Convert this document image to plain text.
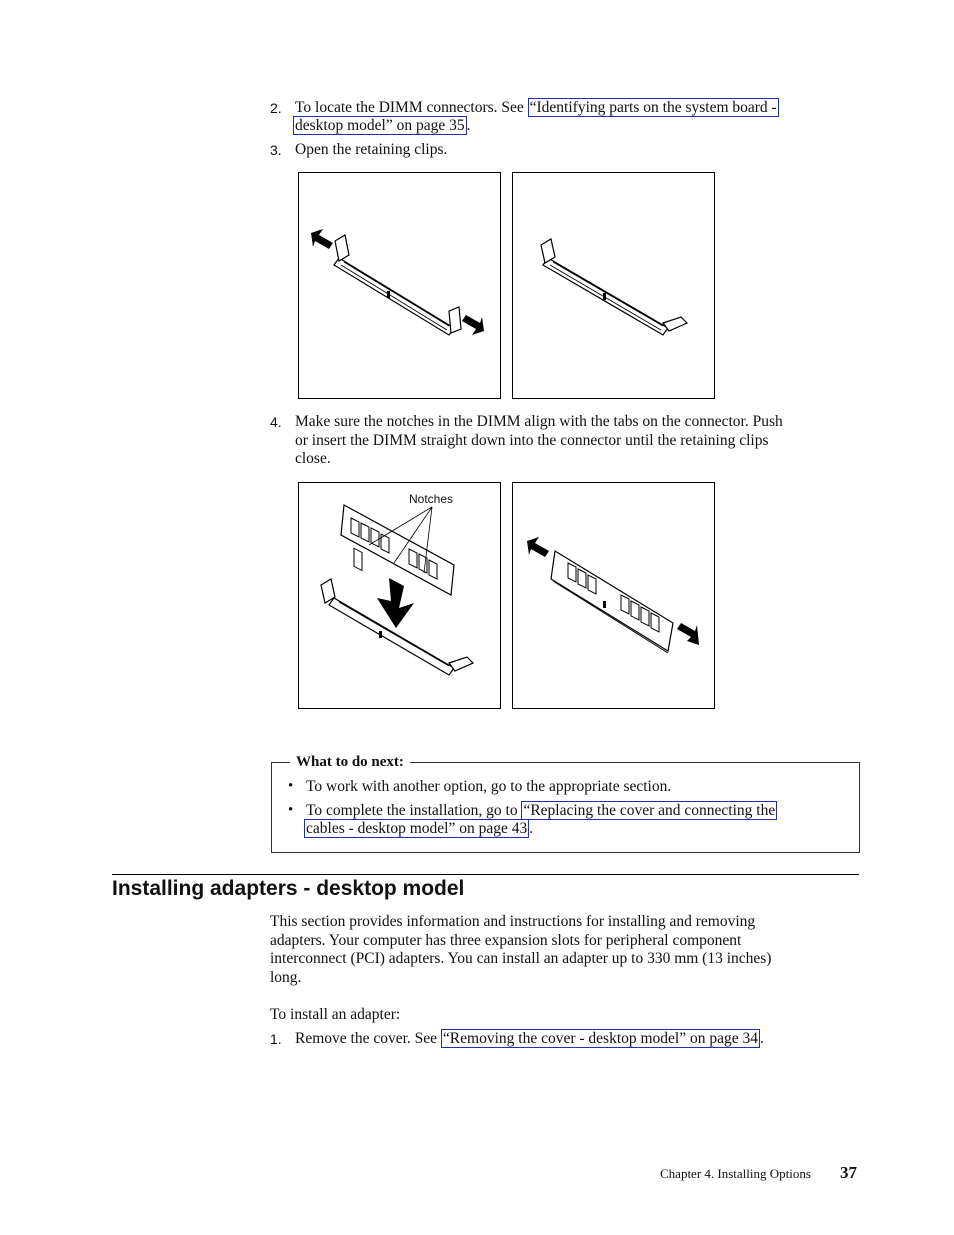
2. To locate the DIMM connectors. See “Identifying parts on the system board -
desktop model” on page 35 .
3. Open the retaining clips.
4. Make sure the notches in the DIMM align with the tabs on the connector. Push
or insert the DIMM straight down into the connector until the retaining clips
close.
Notches
What to do next:
• To work with another option, go to the appropriate section.
• To complete the installation, go to “Replacing the cover and connecting the
cables - desktop model” on page 43 .
Installing adapters - desktop model
This section provides information and instructions for installing and removing
adapters. Your computer has three expansion slots for peripheral component
interconnect (PCI) adapters. You can install an adapter up to 330 mm (13 inches)
long.
To install an adapter:
1. Remove the cover. See “Removing the cover - desktop model” on page 34 .
Chapter 4. Installing Options 37
